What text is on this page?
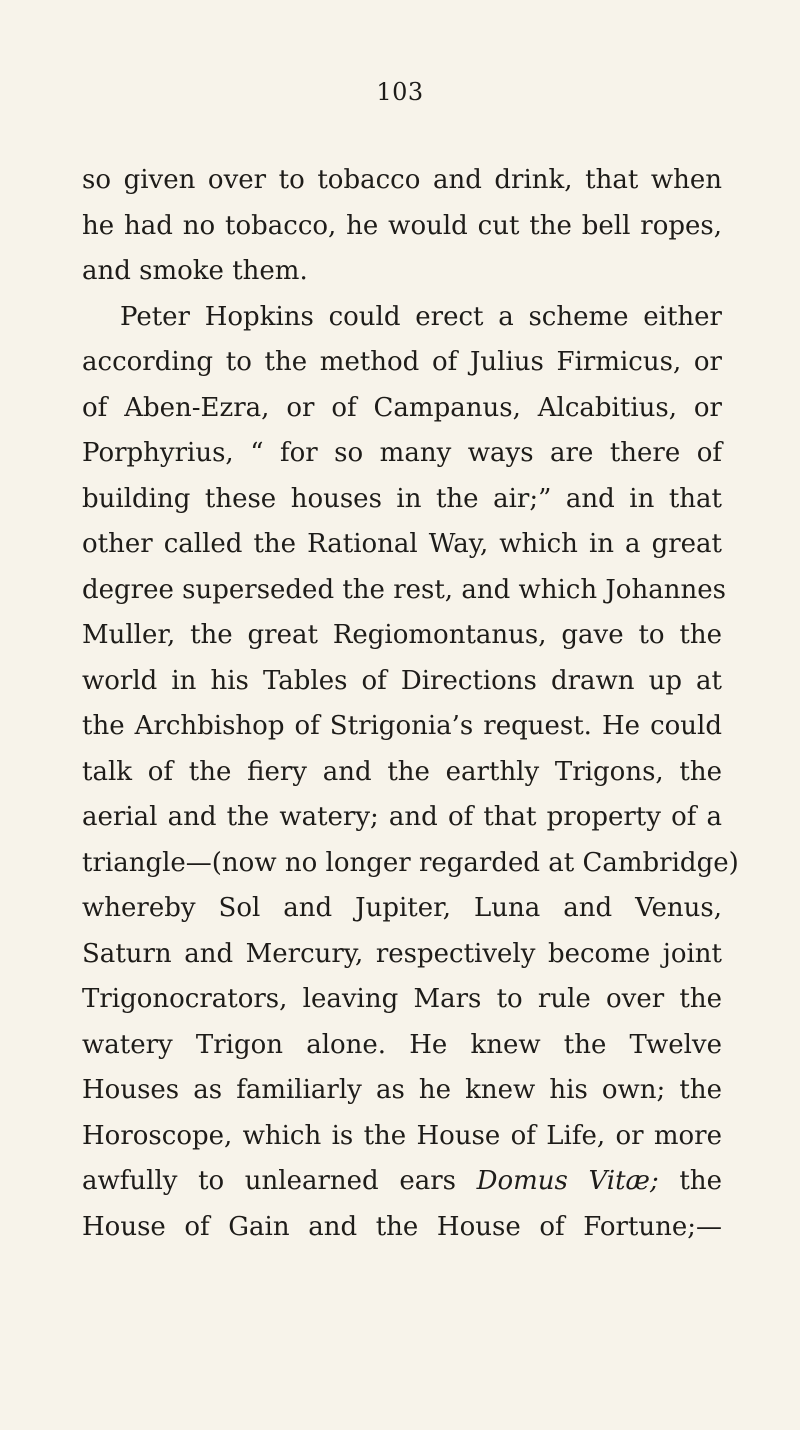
103
so given over to tobacco and drink, that when
he had no tobacco, he would cut the bell ropes,
and smoke them.
Peter Hopkins could erect a scheme either
according to the method of Julius Firmicus, or
of Aben-Ezra, or of Campanus, Alcabitius, or
Porphyrius, “ for so many ways are there of
building these houses in the air;” and in that
other called the Rational Way, which in a great
degree superseded the rest, and which Johannes
Muller, the great Regiomontanus, gave to the
world in his Tables of Directions drawn up at
the Archbishop of Strigonia’s request. He could
talk of the fiery and the earthly Trigons, the
aerial and the watery; and of that property of a
triangle—(now no longer regarded at Cambridge)
whereby Sol and Jupiter, Luna and Venus,
Saturn and Mercury, respectively become joint
Trigonocrators, leaving Mars to rule over the
watery Trigon alone. He knew the Twelve
Houses as familiarly as he knew his own; the
Horoscope, which is the House of Life, or more
awfully to unlearned ears Domus Vitæ; the
House of Gain and the House of Fortune;—
